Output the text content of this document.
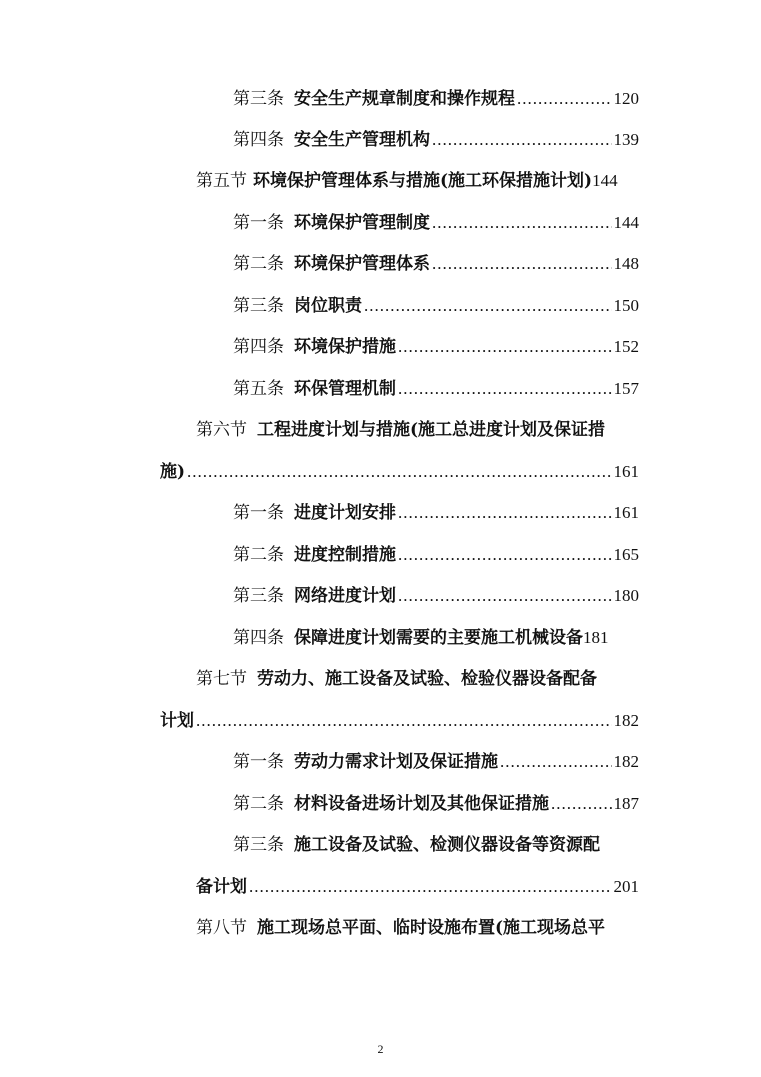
第三条 安全生产规章制度和操作规程 .....	120
第四条 安全生产管理机构 .....	139
第五节 环境保护管理体系与措施(施工环保措施计划) 144
第一条 环境保护管理制度 .....	144
第二条 环境保护管理体系 .....	148
第三条 岗位职责 .....	150
第四条 环境保护措施 .....	152
第五条 环保管理机制 .....	157
第六节 工程进度计划与措施(施工总进度计划及保证措
施) .....	161
第一条 进度计划安排 .....	161
第二条 进度控制措施 .....	165
第三条 网络进度计划 .....	180
第四条 保障进度计划需要的主要施工机械设备 181
第七节 劳动力、施工设备及试验、检验仪器设备配备
计划 .....	182
第一条 劳动力需求计划及保证措施 .....	182
第二条 材料设备进场计划及其他保证措施 .....	187
第三条 施工设备及试验、检测仪器设备等资源配
备计划 .....	201
第八节 施工现场总平面、临时设施布置(施工现场总平
2
